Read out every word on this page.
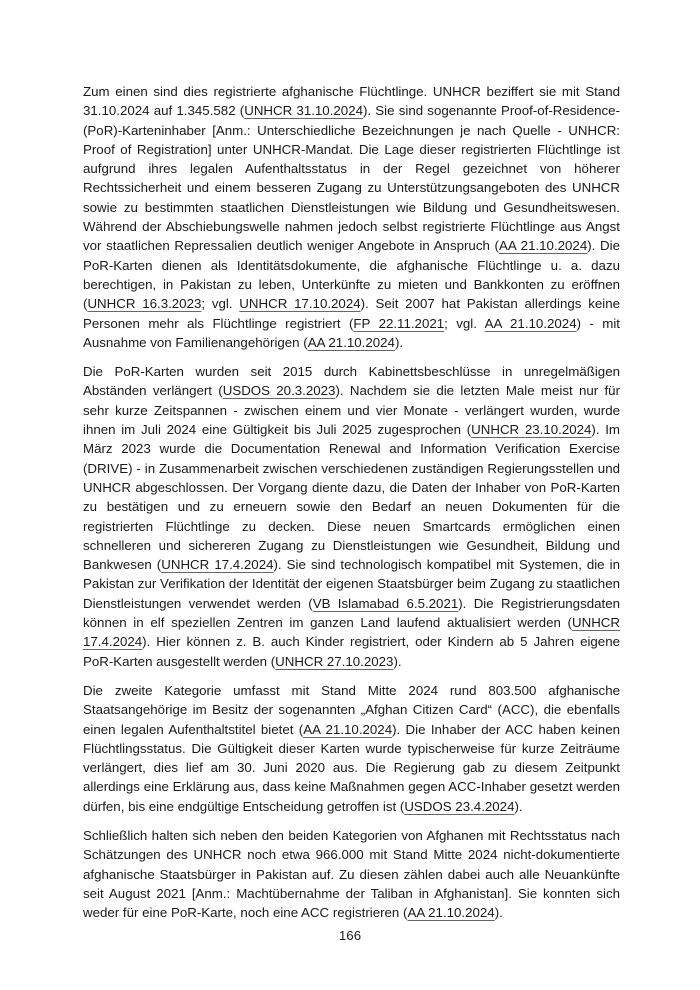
Zum einen sind dies registrierte afghanische Flüchtlinge. UNHCR beziffert sie mit Stand 31.10.2024 auf 1.345.582 (UNHCR 31.10.2024). Sie sind sogenannte Proof-of-Residence-(PoR)-Karteninhaber [Anm.: Unterschiedliche Bezeichnungen je nach Quelle - UNHCR: Proof of Registration] unter UNHCR-Mandat. Die Lage dieser registrierten Flüchtlinge ist aufgrund ihres legalen Aufenthaltsstatus in der Regel gezeichnet von höherer Rechtssicherheit und einem besseren Zugang zu Unterstützungsangeboten des UNHCR sowie zu bestimmten staatlichen Dienstleistungen wie Bildung und Gesundheitswesen. Während der Abschiebungswelle nahmen jedoch selbst registrierte Flüchtlinge aus Angst vor staatlichen Repressalien deutlich weniger Angebote in Anspruch (AA 21.10.2024). Die PoR-Karten dienen als Identitätsdokumente, die afghanische Flüchtlinge u. a. dazu berechtigen, in Pakistan zu leben, Unterkünfte zu mieten und Bankkonten zu eröffnen (UNHCR 16.3.2023; vgl. UNHCR 17.10.2024). Seit 2007 hat Pakistan allerdings keine Personen mehr als Flüchtlinge registriert (FP 22.11.2021; vgl. AA 21.10.2024) - mit Ausnahme von Familienangehörigen (AA 21.10.2024).

Die PoR-Karten wurden seit 2015 durch Kabinettsbeschlüsse in unregelmäßigen Abständen verlängert (USDOS 20.3.2023). Nachdem sie die letzten Male meist nur für sehr kurze Zeitspannen - zwischen einem und vier Monate - verlängert wurden, wurde ihnen im Juli 2024 eine Gültigkeit bis Juli 2025 zugesprochen (UNHCR 23.10.2024). Im März 2023 wurde die Documentation Renewal and Information Verification Exercise (DRIVE) - in Zusammenarbeit zwischen verschiedenen zuständigen Regierungsstellen und UNHCR abgeschlossen. Der Vorgang diente dazu, die Daten der Inhaber von PoR-Karten zu bestätigen und zu erneuern sowie den Bedarf an neuen Dokumenten für die registrierten Flüchtlinge zu decken. Diese neuen Smartcards ermöglichen einen schnelleren und sichereren Zugang zu Dienstleistungen wie Gesundheit, Bildung und Bankwesen (UNHCR 17.4.2024). Sie sind technologisch kompatibel mit Systemen, die in Pakistan zur Verifikation der Identität der eigenen Staatsbürger beim Zugang zu staatlichen Dienstleistungen verwendet werden (VB Islamabad 6.5.2021). Die Registrierungsdaten können in elf speziellen Zentren im ganzen Land laufend aktualisiert werden (UNHCR 17.4.2024). Hier können z. B. auch Kinder registriert, oder Kindern ab 5 Jahren eigene PoR-Karten ausgestellt werden (UNHCR 27.10.2023).

Die zweite Kategorie umfasst mit Stand Mitte 2024 rund 803.500 afghanische Staatsangehörige im Besitz der sogenannten „Afghan Citizen Card“ (ACC), die ebenfalls einen legalen Aufenthaltstitel bietet (AA 21.10.2024). Die Inhaber der ACC haben keinen Flüchtlingsstatus. Die Gültigkeit dieser Karten wurde typischerweise für kurze Zeiträume verlängert, dies lief am 30. Juni 2020 aus. Die Regierung gab zu diesem Zeitpunkt allerdings eine Erklärung aus, dass keine Maßnahmen gegen ACC-Inhaber gesetzt werden dürfen, bis eine endgültige Entscheidung getroffen ist (USDOS 23.4.2024).

Schließlich halten sich neben den beiden Kategorien von Afghanen mit Rechtsstatus nach Schätzungen des UNHCR noch etwa 966.000 mit Stand Mitte 2024 nicht-dokumentierte afghanische Staatsbürger in Pakistan auf. Zu diesen zählen dabei auch alle Neuankünfte seit August 2021 [Anm.: Machtübernahme der Taliban in Afghanistan]. Sie konnten sich weder für eine PoR-Karte, noch eine ACC registrieren (AA 21.10.2024).

166
